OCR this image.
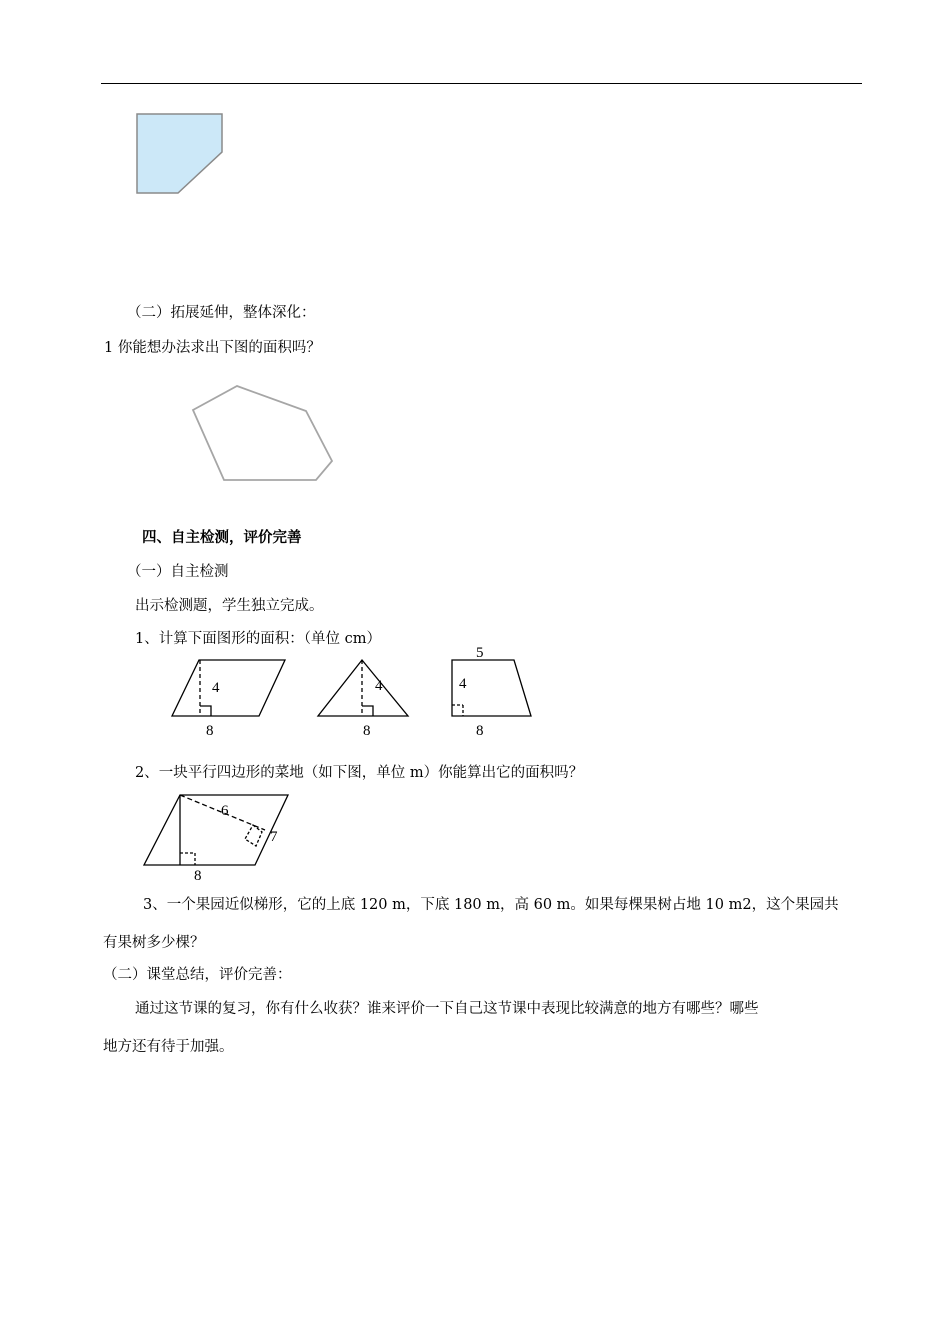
（二）拓展延伸，整体深化：
1 你能想办法求出下图的面积吗？
四、自主检测，评价完善
（一）自主检测
出示检测题，学生独立完成。
1、计算下面图形的面积：（单位 cm）
4
8
4
8
5
4
8
2、一块平行四边形的菜地（如下图，单位 m）你能算出它的面积吗？
6
7
8
3、一个果园近似梯形，它的上底 120 m，下底 180 m，高 60 m。如果每棵果树占地 10 m2，这个果园共
有果树多少棵？
（二）课堂总结，评价完善：
通过这节课的复习，你有什么收获？谁来评价一下自己这节课中表现比较满意的地方有哪些？哪些
地方还有待于加强。
